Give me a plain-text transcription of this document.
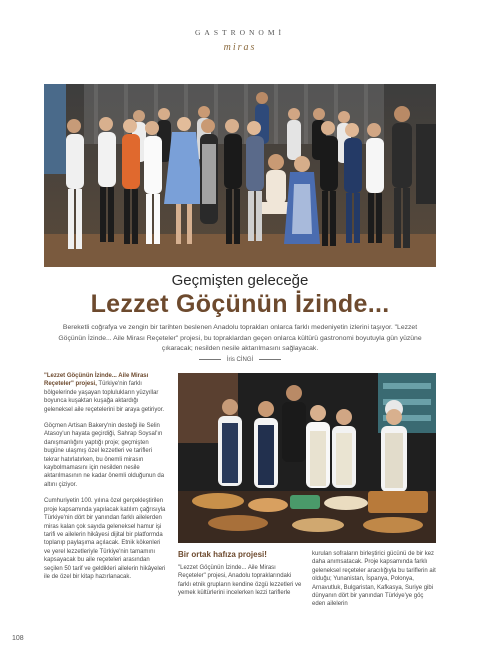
GASTRONOMİ
miras
Geçmişten geleceğe
Lezzet Göçünün İzinde...
Bereketli coğrafya ve zengin bir tarihten beslenen Anadolu toprakları onlarca farklı medeniyetin izlerini taşıyor. "Lezzet Göçünün İzinde... Aile Mirası Reçeteler" projesi, bu topraklardan geçen onlarca kültürü gastronomi boyutuyla gün yüzüne çıkaracak; nesilden nesile aktarılmasını sağlayacak.
İris CİNGİ

"Lezzet Göçünün İzinde... Aile Mirası Reçeteler" projesi, Türkiye'nin farklı bölgelerinde yaşayan toplulukların yüzyıllar boyunca kuşaktan kuşağa aktardığı geleneksel aile reçetelerini bir araya getiriyor.

Göçmen Artisan Bakery'nin desteği ile Selin Atasoy'un hayata geçirdiği, Sahrap Soysal'ın danışmanlığını yaptığı proje; geçmişten bugüne ulaşmış özel lezzetleri ve tarifleri tekrar hatırlatırken, bu önemli mirasın kaybolmamasını için nesilden nesile aktarılmasının ne kadar önemli olduğunun da altını çiziyor.

Cumhuriyetin 100. yılına özel gerçekleştirilen proje kapsamında yapılacak katılım çağrısıyla Türkiye'nin dört bir yanından farklı ailelerden miras kalan çok sayıda geleneksel hamur işi tarifi ve ailelerin hikâyesi dijital bir platformda toplanıp paylaşıma açılacak. Etnik kökenleri ve yerel lezzetleriyle Türkiye'nin tamamını kapsayacak bu aile reçeteleri arasından seçilen 50 tarif ve geldikleri ailelerin hikâyeleri ile de özel bir kitap hazırlanacak.

Bir ortak hafıza projesi!

"Lezzet Göçünün İzinde... Aile Mirası Reçeteler" projesi, Anadolu topraklarındaki farklı etnik grupların kendine özgü lezzetleri ve yemek kültürlerini incelerken lezzi tariflerle

kurulan sofraların birleştirici gücünü de bir kez daha anımsatacak. Proje kapsamında farklı geleneksel reçeteler aracılığıyla bu tariflerin ait olduğu; Yunanistan, İspanya, Polonya, Arnavutluk, Bulgaristan, Kafkasya, Suriye gibi dünyanın dört bir yanından Türkiye'ye göç eden ailelerin

108
